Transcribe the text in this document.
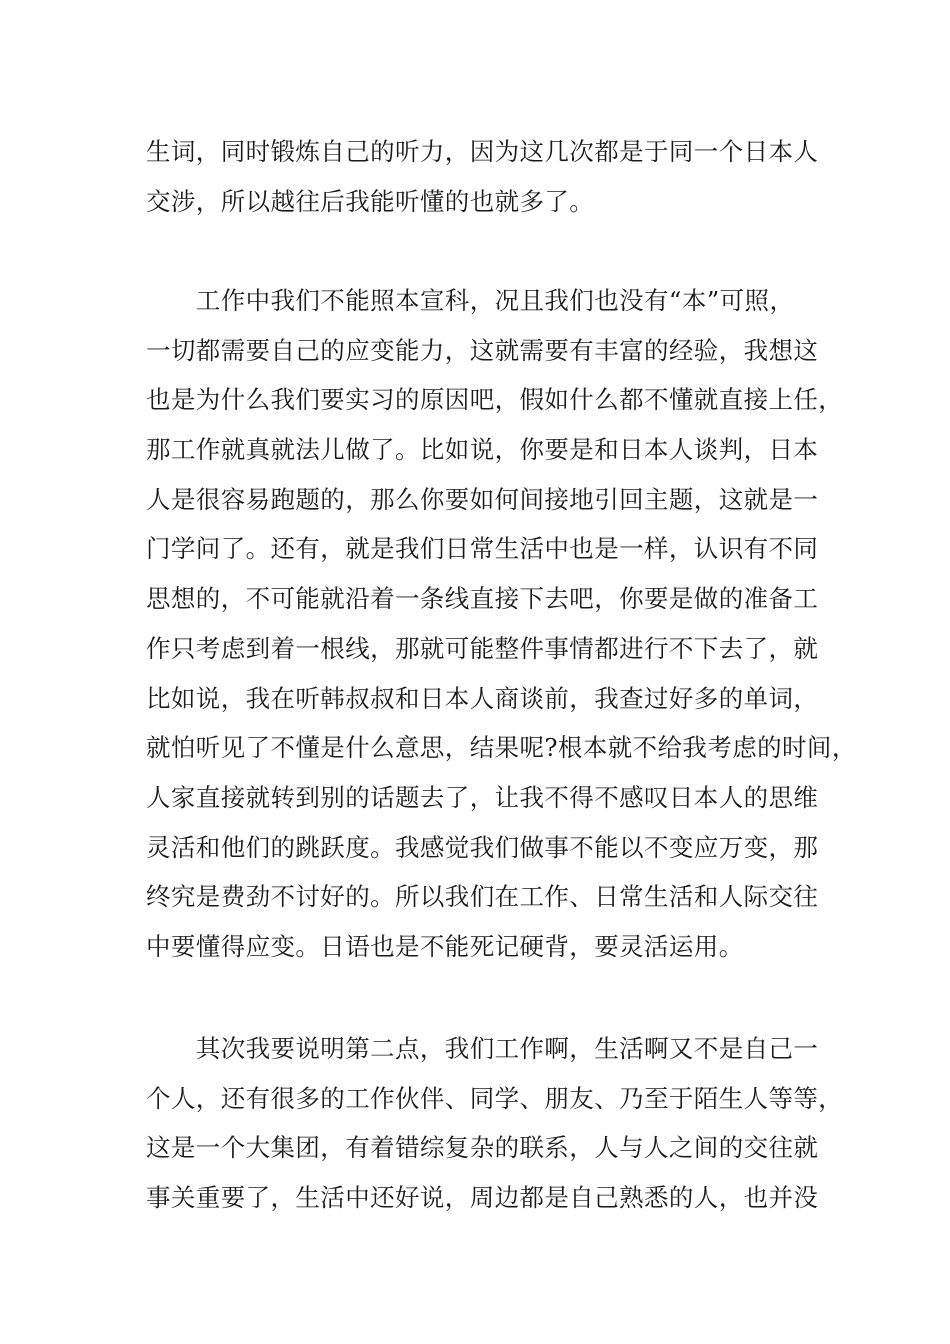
生词，同时锻炼自己的听力，因为这几次都是于同一个日本人
交涉，所以越往后我能听懂的也就多了。
　　工作中我们不能照本宣科，况且我们也没有“本”可照，
一切都需要自己的应变能力，这就需要有丰富的经验，我想这
也是为什么我们要实习的原因吧，假如什么都不懂就直接上任，
那工作就真就法儿做了。比如说，你要是和日本人谈判，日本
人是很容易跑题的，那么你要如何间接地引回主题，这就是一
门学问了。还有，就是我们日常生活中也是一样，认识有不同
思想的，不可能就沿着一条线直接下去吧，你要是做的准备工
作只考虑到着一根线，那就可能整件事情都进行不下去了，就
比如说，我在听韩叔叔和日本人商谈前，我查过好多的单词，
就怕听见了不懂是什么意思，结果呢?根本就不给我考虑的时间，
人家直接就转到别的话题去了，让我不得不感叹日本人的思维
灵活和他们的跳跃度。我感觉我们做事不能以不变应万变，那
终究是费劲不讨好的。所以我们在工作、日常生活和人际交往
中要懂得应变。日语也是不能死记硬背，要灵活运用。
　　其次我要说明第二点，我们工作啊，生活啊又不是自己一
个人，还有很多的工作伙伴、同学、朋友、乃至于陌生人等等，
这是一个大集团，有着错综复杂的联系，人与人之间的交往就
事关重要了，生活中还好说，周边都是自己熟悉的人，也并没
